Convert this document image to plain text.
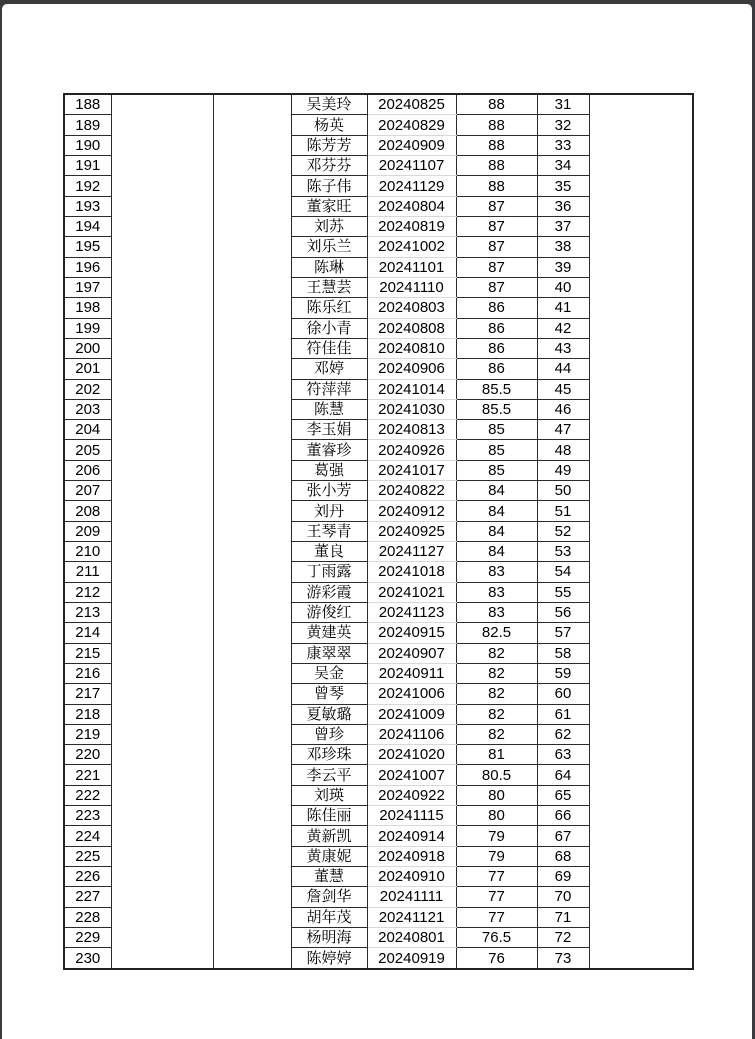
188			吴美玲	20240825	88	31	
189			杨英	20240829	88	32	
190			陈芳芳	20240909	88	33	
191			邓芬芬	20241107	88	34	
192			陈子伟	20241129	88	35	
193			董家旺	20240804	87	36	
194			刘苏	20240819	87	37	
195			刘乐兰	20241002	87	38	
196			陈琳	20241101	87	39	
197			王慧芸	20241110	87	40	
198			陈乐红	20240803	86	41	
199			徐小青	20240808	86	42	
200			符佳佳	20240810	86	43	
201			邓婷	20240906	86	44	
202			符萍萍	20241014	85.5	45	
203			陈慧	20241030	85.5	46	
204			李玉娟	20240813	85	47	
205			董睿珍	20240926	85	48	
206			葛强	20241017	85	49	
207			张小芳	20240822	84	50	
208			刘丹	20240912	84	51	
209			王琴青	20240925	84	52	
210			董良	20241127	84	53	
211			丁雨露	20241018	83	54	
212			游彩霞	20241021	83	55	
213			游俊红	20241123	83	56	
214			黄建英	20240915	82.5	57	
215			康翠翠	20240907	82	58	
216			吴金	20240911	82	59	
217			曾琴	20241006	82	60	
218			夏敏璐	20241009	82	61	
219			曾珍	20241106	82	62	
220			邓珍珠	20241020	81	63	
221			李云平	20241007	80.5	64	
222			刘瑛	20240922	80	65	
223			陈佳丽	20241115	80	66	
224			黄新凯	20240914	79	67	
225			黄康妮	20240918	79	68	
226			董慧	20240910	77	69	
227			詹剑华	20241111	77	70	
228			胡年茂	20241121	77	71	
229			杨明海	20240801	76.5	72	
230			陈婷婷	20240919	76	73	
